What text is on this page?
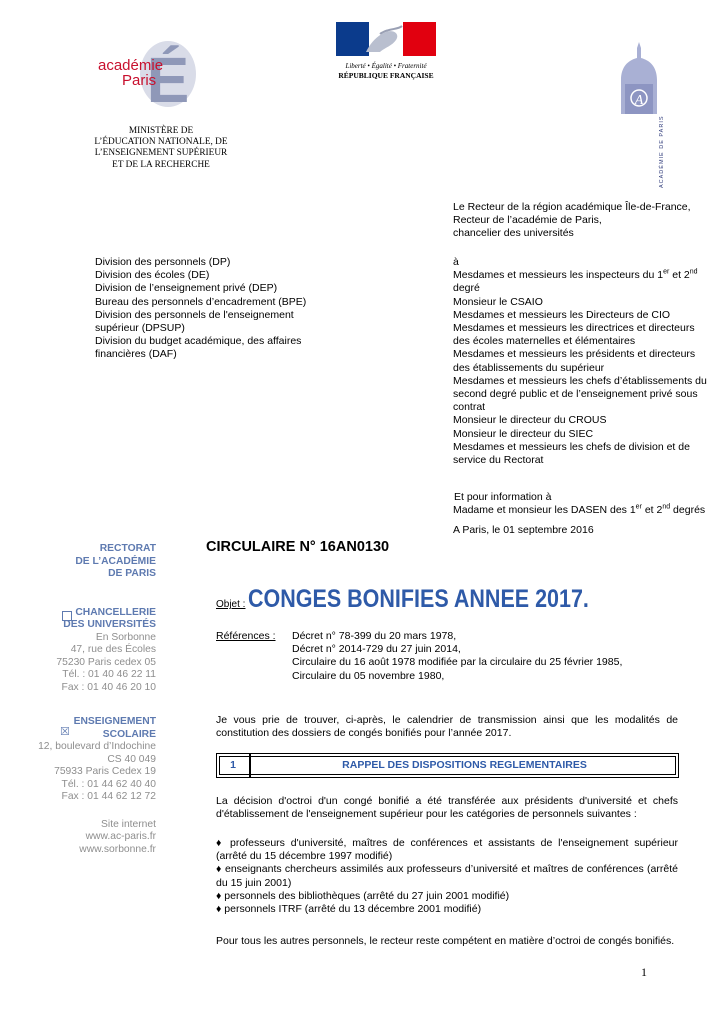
É
académie
Paris
Liberté • Égalité • Fraternité
RÉPUBLIQUE FRANÇAISE
A
ACADÉMIE DE PARIS
MINISTÈRE DE
L’ÉDUCATION NATIONALE, DE
L’ENSEIGNEMENT SUPÉRIEUR
ET DE LA RECHERCHE
Le Recteur de la région académique Île-de-France,
Recteur de l’académie de Paris,
chancelier des universités
Division des personnels (DP)
Division des écoles (DE)
Division de l’enseignement privé (DEP)
Bureau des personnels d’encadrement (BPE)
Division des personnels de l'enseignement
supérieur (DPSUP)
Division du budget académique, des affaires
financières (DAF)
à
Mesdames et messieurs les inspecteurs du 1er et 2nd
degré
Monsieur le CSAIO
Mesdames et messieurs les Directeurs de CIO
Mesdames et messieurs les directrices et directeurs
des écoles maternelles et élémentaires
Mesdames et messieurs les présidents et directeurs
des établissements du supérieur
Mesdames et messieurs les chefs d’établissements du
second degré public et de l’enseignement privé sous
contrat
Monsieur le directeur du CROUS
Monsieur le directeur du SIEC
Mesdames et messieurs les chefs de division et de
service du Rectorat
Et pour information à
Madame et monsieur les DASEN des 1er et 2nd degrés
A Paris, le 01 septembre 2016
RECTORAT
DE L’ACADÉMIE
DE PARIS
CHANCELLERIE
DES UNIVERSITÉS
En Sorbonne
47, rue des Écoles
75230 Paris cedex 05
Tél. : 01 40 46 22 11
Fax : 01 40 46 20 10
☒
ENSEIGNEMENT
SCOLAIRE
12, boulevard d’Indochine
CS 40 049
75933 Paris Cedex 19
Tél. : 01 44 62 40 40
Fax : 01 44 62 12 72
Site internet
www.ac-paris.fr
www.sorbonne.fr
CIRCULAIRE N° 16AN0130
Objet : CONGES BONIFIES ANNEE 2017.
Références : Décret n° 78-399 du 20 mars 1978,
Décret n° 2014-729 du 27 juin 2014,
Circulaire du 16 août 1978 modifiée par la circulaire du 25 février 1985,
Circulaire du 05 novembre 1980,
Je vous prie de trouver, ci-après, le calendrier de transmission ainsi que les modalités de constitution des dossiers de congés bonifiés pour l’année 2017.
1	RAPPEL DES DISPOSITIONS REGLEMENTAIRES
La décision d'octroi d'un congé bonifié a été transférée aux présidents d'université et chefs d'établissement de l'enseignement supérieur pour les catégories de personnels suivantes :
♦ professeurs d'université, maîtres de conférences et assistants de l'enseignement supérieur (arrêté du 15 décembre 1997 modifié)
♦ enseignants chercheurs assimilés aux professeurs d’université et maîtres de conférences (arrêté du 15 juin 2001)
♦ personnels des bibliothèques (arrêté du 27 juin 2001 modifié)
♦ personnels ITRF (arrêté du 13 décembre 2001 modifié)
Pour tous les autres personnels, le recteur reste compétent en matière d’octroi de congés bonifiés.
1
